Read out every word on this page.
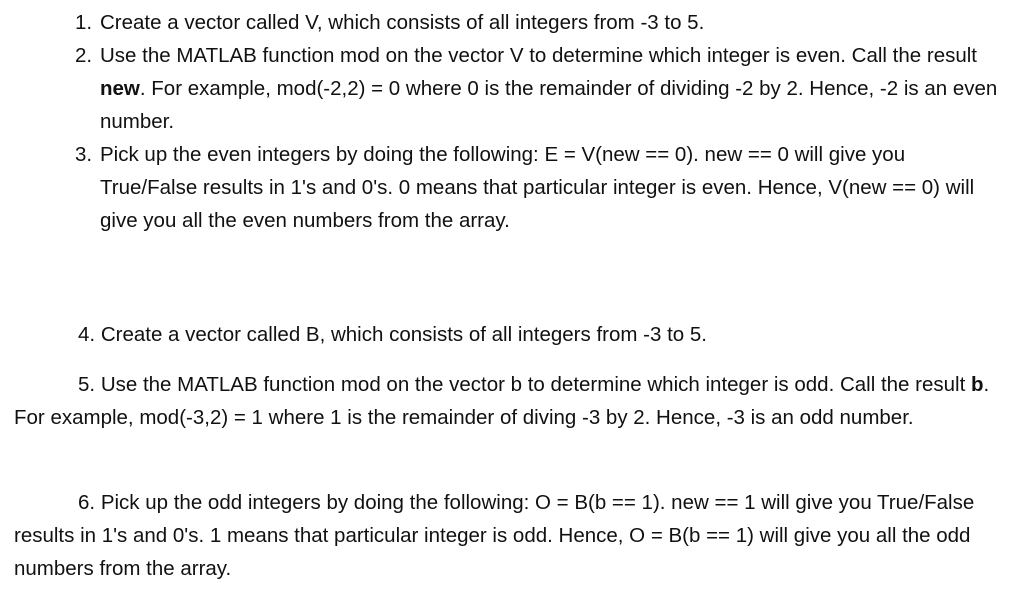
1. Create a vector called V, which consists of all integers from -3 to 5.
2. Use the MATLAB function mod on the vector V to determine which integer is even. Call the result new. For example, mod(-2,2) = 0 where 0 is the remainder of dividing -2 by 2. Hence, -2 is an even number.
3. Pick up the even integers by doing the following: E = V(new == 0). new == 0 will give you True/False results in 1's and 0's. 0 means that particular integer is even. Hence, V(new == 0) will give you all the even numbers from the array.

4. Create a vector called B, which consists of all integers from -3 to 5.

5. Use the MATLAB function mod on the vector b to determine which integer is odd. Call the result b. For example, mod(-3,2) = 1 where 1 is the remainder of diving -3 by 2. Hence, -3 is an odd number.

6. Pick up the odd integers by doing the following: O = B(b == 1). new == 1 will give you True/False results in 1's and 0's. 1 means that particular integer is odd. Hence, O = B(b == 1) will give you all the odd numbers from the array.
